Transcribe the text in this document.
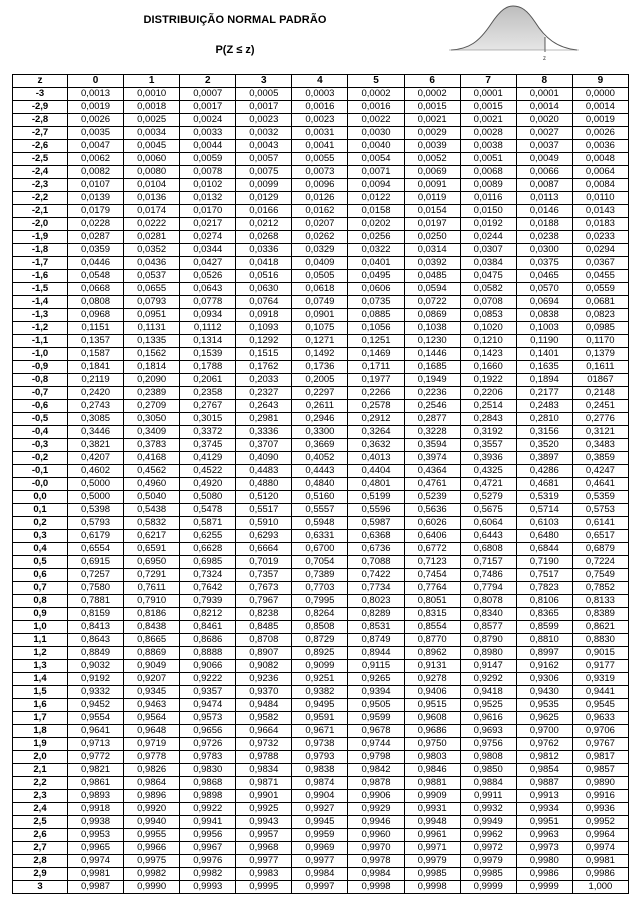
DISTRIBUIÇÃO NORMAL PADRÃO
P(Z ≤ z)
z
z	0	1	2	3	4	5	6	7	8	9
-3	0,0013	0,0010	0,0007	0,0005	0,0003	0,0002	0,0002	0,0001	0,0001	0,0000
-2,9	0,0019	0,0018	0,0017	0,0017	0,0016	0,0016	0,0015	0,0015	0,0014	0,0014
-2,8	0,0026	0,0025	0,0024	0,0023	0,0023	0,0022	0,0021	0,0021	0,0020	0,0019
-2,7	0,0035	0,0034	0,0033	0,0032	0,0031	0,0030	0,0029	0,0028	0,0027	0,0026
-2,6	0,0047	0,0045	0,0044	0,0043	0,0041	0,0040	0,0039	0,0038	0,0037	0,0036
-2,5	0,0062	0,0060	0,0059	0,0057	0,0055	0,0054	0,0052	0,0051	0,0049	0,0048
-2,4	0,0082	0,0080	0,0078	0,0075	0,0073	0,0071	0,0069	0,0068	0,0066	0,0064
-2,3	0,0107	0,0104	0,0102	0,0099	0,0096	0,0094	0,0091	0,0089	0,0087	0,0084
-2,2	0,0139	0,0136	0,0132	0,0129	0,0126	0,0122	0,0119	0,0116	0,0113	0,0110
-2,1	0,0179	0,0174	0,0170	0,0166	0,0162	0,0158	0,0154	0,0150	0,0146	0,0143
-2,0	0,0228	0,0222	0,0217	0,0212	0,0207	0,0202	0,0197	0,0192	0,0188	0,0183
-1,9	0,0287	0,0281	0,0274	0,0268	0,0262	0,0256	0,0250	0,0244	0,0238	0,0233
-1,8	0,0359	0,0352	0,0344	0,0336	0,0329	0,0322	0,0314	0,0307	0,0300	0,0294
-1,7	0,0446	0,0436	0,0427	0,0418	0,0409	0,0401	0,0392	0,0384	0,0375	0,0367
-1,6	0,0548	0,0537	0,0526	0,0516	0,0505	0,0495	0,0485	0,0475	0,0465	0,0455
-1,5	0,0668	0,0655	0,0643	0,0630	0,0618	0,0606	0,0594	0,0582	0,0570	0,0559
-1,4	0,0808	0,0793	0,0778	0,0764	0,0749	0,0735	0,0722	0,0708	0,0694	0,0681
-1,3	0,0968	0,0951	0,0934	0,0918	0,0901	0,0885	0,0869	0,0853	0,0838	0,0823
-1,2	0,1151	0,1131	0,1112	0,1093	0,1075	0,1056	0,1038	0,1020	0,1003	0,0985
-1,1	0,1357	0,1335	0,1314	0,1292	0,1271	0,1251	0,1230	0,1210	0,1190	0,1170
-1,0	0,1587	0,1562	0,1539	0,1515	0,1492	0,1469	0,1446	0,1423	0,1401	0,1379
-0,9	0,1841	0,1814	0,1788	0,1762	0,1736	0,1711	0,1685	0,1660	0,1635	0,1611
-0,8	0,2119	0,2090	0,2061	0,2033	0,2005	0,1977	0,1949	0,1922	0,1894	01867
-0,7	0,2420	0,2389	0,2358	0,2327	0,2297	0,2266	0,2236	0,2206	0,2177	0,2148
-0,6	0,2743	0,2709	0,2767	0,2643	0,2611	0,2578	0,2546	0,2514	0,2483	0,2451
-0,5	0,3085	0,3050	0,3015	0,2981	0,2946	0,2912	0,2877	0,2843	0,2810	0,2776
-0,4	0,3446	0,3409	0,3372	0,3336	0,3300	0,3264	0,3228	0,3192	0,3156	0,3121
-0,3	0,3821	0,3783	0,3745	0,3707	0,3669	0,3632	0,3594	0,3557	0,3520	0,3483
-0,2	0,4207	0,4168	0,4129	0,4090	0,4052	0,4013	0,3974	0,3936	0,3897	0,3859
-0,1	0,4602	0,4562	0,4522	0,4483	0,4443	0,4404	0,4364	0,4325	0,4286	0,4247
-0,0	0,5000	0,4960	0,4920	0,4880	0,4840	0,4801	0,4761	0,4721	0,4681	0,4641
0,0	0,5000	0,5040	0,5080	0,5120	0,5160	0,5199	0,5239	0,5279	0,5319	0,5359
0,1	0,5398	0,5438	0,5478	0,5517	0,5557	0,5596	0,5636	0,5675	0,5714	0,5753
0,2	0,5793	0,5832	0,5871	0,5910	0,5948	0,5987	0,6026	0,6064	0,6103	0,6141
0,3	0,6179	0,6217	0,6255	0,6293	0,6331	0,6368	0,6406	0,6443	0,6480	0,6517
0,4	0,6554	0,6591	0,6628	0,6664	0,6700	0,6736	0,6772	0,6808	0,6844	0,6879
0,5	0,6915	0,6950	0,6985	0,7019	0,7054	0,7088	0,7123	0,7157	0,7190	0,7224
0,6	0,7257	0,7291	0,7324	0,7357	0,7389	0,7422	0,7454	0,7486	0,7517	0,7549
0,7	0,7580	0,7611	0,7642	0,7673	0,7703	0,7734	0,7764	0,7794	0,7823	0,7852
0,8	0,7881	0,7910	0,7939	0,7967	0,7995	0,8023	0,8051	0,8078	0,8106	0,8133
0,9	0,8159	0,8186	0,8212	0,8238	0,8264	0,8289	0,8315	0,8340	0,8365	0,8389
1,0	0,8413	0,8438	0,8461	0,8485	0,8508	0,8531	0,8554	0,8577	0,8599	0,8621
1,1	0,8643	0,8665	0,8686	0,8708	0,8729	0,8749	0,8770	0,8790	0,8810	0,8830
1,2	0,8849	0,8869	0,8888	0,8907	0,8925	0,8944	0,8962	0,8980	0,8997	0,9015
1,3	0,9032	0,9049	0,9066	0,9082	0,9099	0,9115	0,9131	0,9147	0,9162	0,9177
1,4	0,9192	0,9207	0,9222	0,9236	0,9251	0,9265	0,9278	0,9292	0,9306	0,9319
1,5	0,9332	0,9345	0,9357	0,9370	0,9382	0,9394	0,9406	0,9418	0,9430	0,9441
1,6	0,9452	0,9463	0,9474	0,9484	0,9495	0,9505	0,9515	0,9525	0,9535	0,9545
1,7	0,9554	0,9564	0,9573	0,9582	0,9591	0,9599	0,9608	0,9616	0,9625	0,9633
1,8	0,9641	0,9648	0,9656	0,9664	0,9671	0,9678	0,9686	0,9693	0,9700	0,9706
1,9	0,9713	0,9719	0,9726	0,9732	0,9738	0,9744	0,9750	0,9756	0,9762	0,9767
2,0	0,9772	0,9778	0,9783	0,9788	0,9793	0,9798	0,9803	0,9808	0,9812	0,9817
2,1	0,9821	0,9826	0,9830	0,9834	0,9838	0,9842	0,9846	0,9850	0,9854	0,9857
2,2	0,9861	0,9864	0,9868	0,9871	0,9874	0,9878	0,9881	0,9884	0,9887	0,9890
2,3	0,9893	0,9896	0,9898	0,9901	0,9904	0,9906	0,9909	0,9911	0,9913	0,9916
2,4	0,9918	0,9920	0,9922	0,9925	0,9927	0,9929	0,9931	0,9932	0,9934	0,9936
2,5	0,9938	0,9940	0,9941	0,9943	0,9945	0,9946	0,9948	0,9949	0,9951	0,9952
2,6	0,9953	0,9955	0,9956	0,9957	0,9959	0,9960	0,9961	0,9962	0,9963	0,9964
2,7	0,9965	0,9966	0,9967	0,9968	0,9969	0,9970	0,9971	0,9972	0,9973	0,9974
2,8	0,9974	0,9975	0,9976	0,9977	0,9977	0,9978	0,9979	0,9979	0,9980	0,9981
2,9	0,9981	0,9982	0,9982	0,9983	0,9984	0,9984	0,9985	0,9985	0,9986	0,9986
3	0,9987	0,9990	0,9993	0,9995	0,9997	0,9998	0,9998	0,9999	0,9999	1,000
